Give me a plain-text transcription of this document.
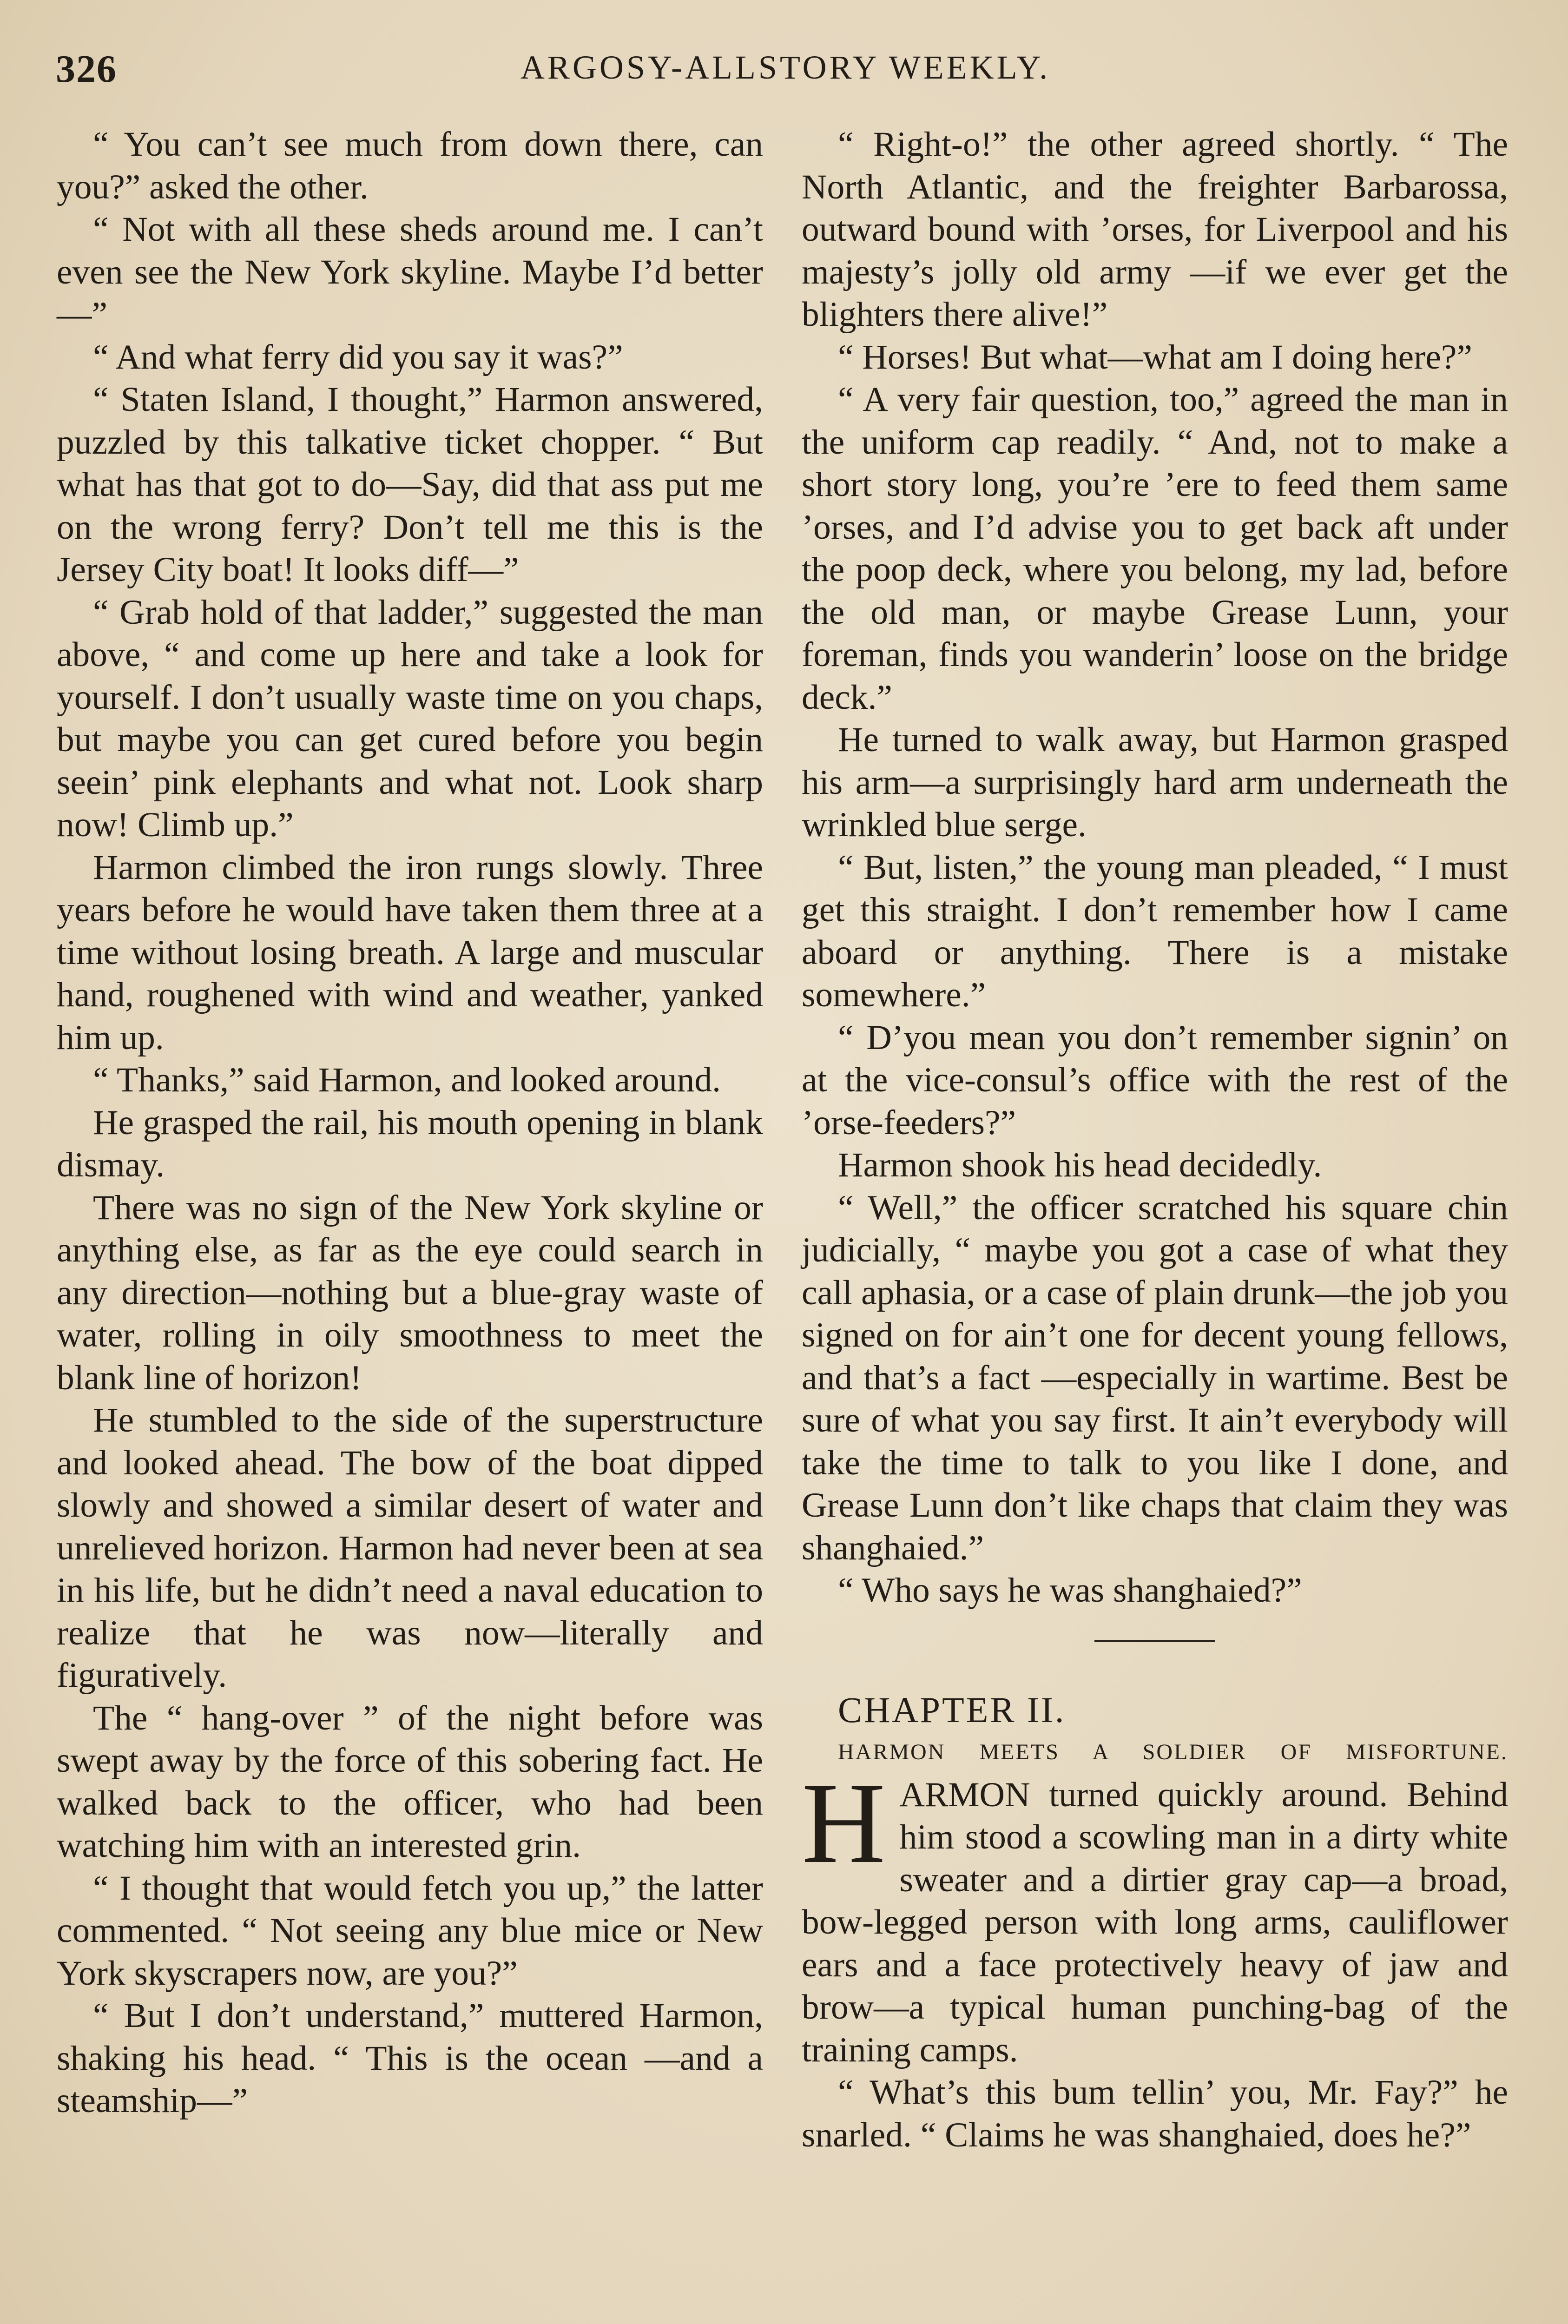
326	ARGOSY-ALLSTORY WEEKLY.

“ You can’t see much from down there, can you?” asked the other.

“ Not with all these sheds around me. I can’t even see the New York skyline. Maybe I’d better—”

“ And what ferry did you say it was?”

“ Staten Island, I thought,” Harmon answered, puzzled by this talkative ticket chopper. “ But what has that got to do—Say, did that ass put me on the wrong ferry? Don’t tell me this is the Jersey City boat! It looks diff—”

“ Grab hold of that ladder,” suggested the man above, “ and come up here and take a look for yourself. I don’t usually waste time on you chaps, but maybe you can get cured before you begin seein’ pink elephants and what not. Look sharp now! Climb up.”

Harmon climbed the iron rungs slowly. Three years before he would have taken them three at a time without losing breath. A large and muscular hand, roughened with wind and weather, yanked him up.

“ Thanks,” said Harmon, and looked around.

He grasped the rail, his mouth opening in blank dismay.

There was no sign of the New York skyline or anything else, as far as the eye could search in any direction—nothing but a blue-gray waste of water, rolling in oily smoothness to meet the blank line of horizon!

He stumbled to the side of the superstructure and looked ahead. The bow of the boat dipped slowly and showed a similar desert of water and unrelieved horizon. Harmon had never been at sea in his life, but he didn’t need a naval education to realize that he was now—literally and figuratively.

The “ hang-over ” of the night before was swept away by the force of this sobering fact. He walked back to the officer, who had been watching him with an interested grin.

“ I thought that would fetch you up,” the latter commented. “ Not seeing any blue mice or New York skyscrapers now, are you?”

“ But I don’t understand,” muttered Harmon, shaking his head. “ This is the ocean —and a steamship—”

“ Right-o!” the other agreed shortly. “ The North Atlantic, and the freighter Barbarossa, outward bound with ’orses, for Liverpool and his majesty’s jolly old army —if we ever get the blighters there alive!”

“ Horses! But what—what am I doing here?”

“ A very fair question, too,” agreed the man in the uniform cap readily. “ And, not to make a short story long, you’re ’ere to feed them same ’orses, and I’d advise you to get back aft under the poop deck, where you belong, my lad, before the old man, or maybe Grease Lunn, your foreman, finds you wanderin’ loose on the bridge deck.”

He turned to walk away, but Harmon grasped his arm—a surprisingly hard arm underneath the wrinkled blue serge.

“ But, listen,” the young man pleaded, “ I must get this straight. I don’t remember how I came aboard or anything. There is a mistake somewhere.”

“ D’you mean you don’t remember signin’ on at the vice-consul’s office with the rest of the ’orse-feeders?”

Harmon shook his head decidedly.

“ Well,” the officer scratched his square chin judicially, “ maybe you got a case of what they call aphasia, or a case of plain drunk—the job you signed on for ain’t one for decent young fellows, and that’s a fact —especially in wartime. Best be sure of what you say first. It ain’t everybody will take the time to talk to you like I done, and Grease Lunn don’t like chaps that claim they was shanghaied.”

“ Who says he was shanghaied?”

CHAPTER II.

HARMON MEETS A SOLDIER OF MISFORTUNE.

HARMON turned quickly around. Behind him stood a scowling man in a dirty white sweater and a dirtier gray cap—a broad, bow-legged person with long arms, cauliflower ears and a face protectively heavy of jaw and brow—a typical human punching-bag of the training camps.

“ What’s this bum tellin’ you, Mr. Fay?” he snarled. “ Claims he was shanghaied, does he?”
